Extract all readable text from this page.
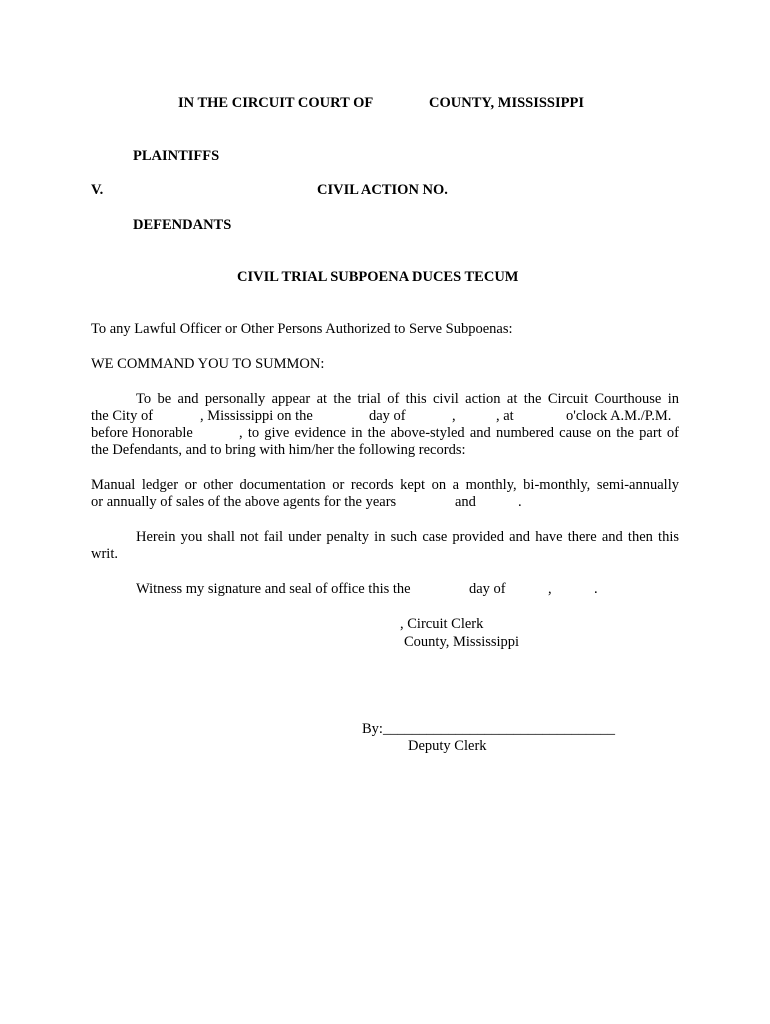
IN THE CIRCUIT COURT OF	COUNTY, MISSISSIPPI
PLAINTIFFS
V.	CIVIL ACTION NO.
DEFENDANTS
CIVIL TRIAL SUBPOENA DUCES TECUM
To any Lawful Officer or Other Persons Authorized to Serve Subpoenas:
WE COMMAND YOU TO SUMMON:
To be and personally appear at the trial of this civil action at the Circuit Courthouse in
the City of	, Mississippi on the	day of	,	, at	o'clock A.M./P.M.
before Honorable	, to give evidence in the above-styled and numbered cause on the part of
the Defendants, and to bring with him/her the following records:
Manual ledger or other documentation or records kept on a monthly, bi-monthly, semi-annually
or annually of sales of the above agents for the years	and	.
Herein you shall not fail under penalty in such case provided and have there and then this
writ.
Witness my signature and seal of office this the	day of	,	.
, Circuit Clerk
County, Mississippi
By:________________________________
Deputy Clerk
